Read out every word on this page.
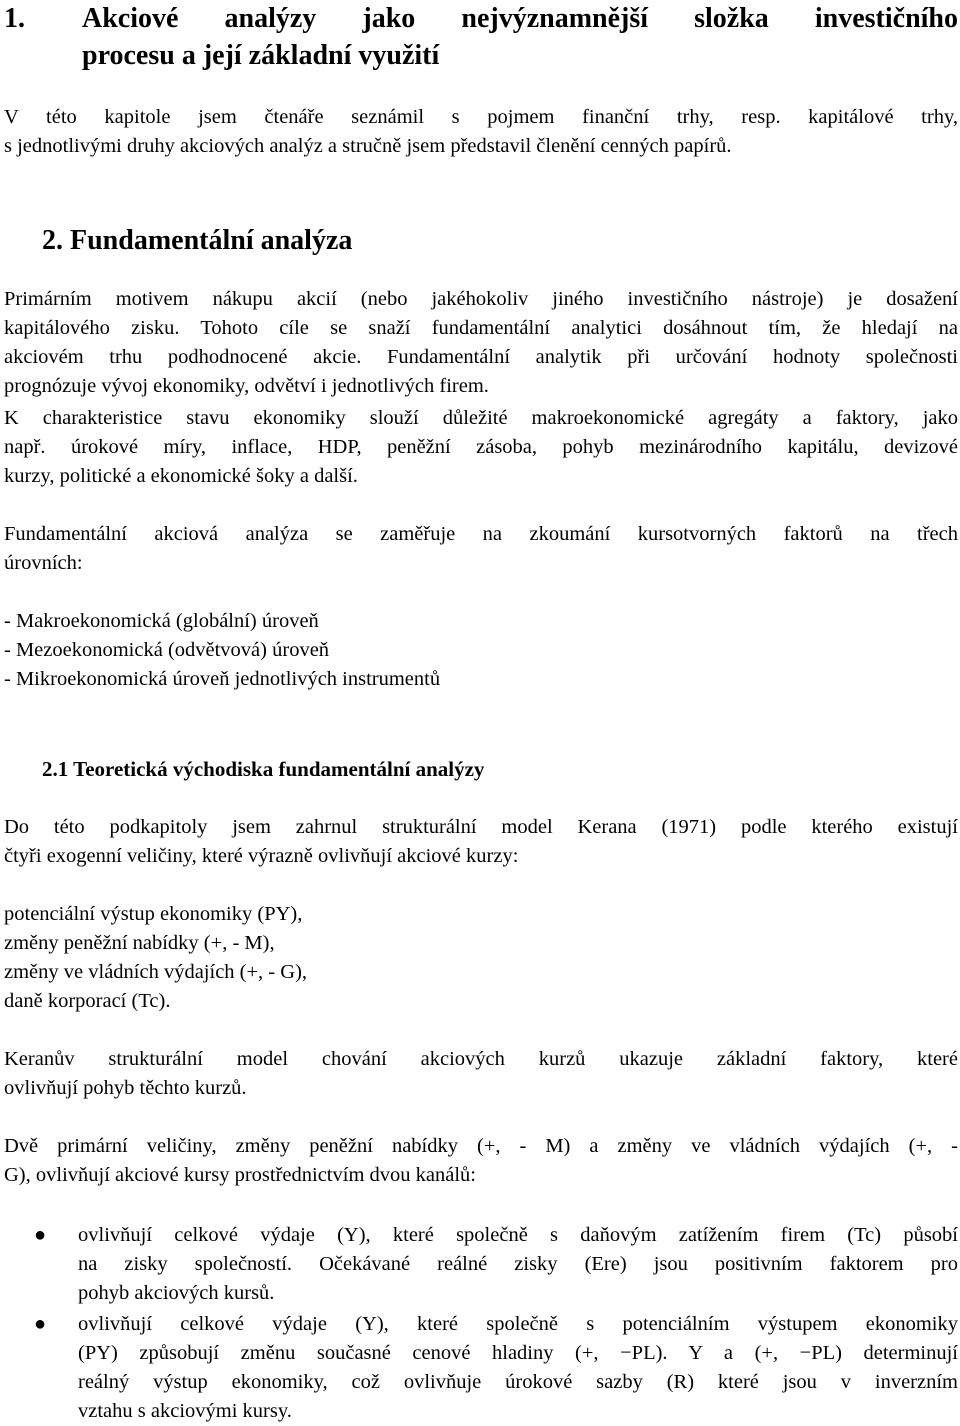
1.	Akciové analýzy jako nejvýznamnější složka investičního
procesu a její základní využití
V této kapitole jsem čtenáře seznámil s pojmem finanční trhy, resp. kapitálové trhy,
s jednotlivými druhy akciových analýz a stručně jsem představil členění cenných papírů.
2. Fundamentální analýza
Primárním motivem nákupu akcií (nebo jakéhokoliv jiného investičního nástroje) je dosažení
kapitálového zisku. Tohoto cíle se snaží fundamentální analytici dosáhnout tím, že hledají na
akciovém trhu podhodnocené akcie. Fundamentální analytik při určování hodnoty společnosti
prognózuje vývoj ekonomiky, odvětví i jednotlivých firem.
K charakteristice stavu ekonomiky slouží důležité makroekonomické agregáty a faktory, jako
např. úrokové míry, inflace, HDP, peněžní zásoba, pohyb mezinárodního kapitálu, devizové
kurzy, politické a ekonomické šoky a další.
Fundamentální akciová analýza se zaměřuje na zkoumání kursotvorných faktorů na třech
úrovních:
- Makroekonomická (globální) úroveň
- Mezoekonomická (odvětvová) úroveň
- Mikroekonomická úroveň jednotlivých instrumentů
2.1 Teoretická východiska fundamentální analýzy
Do této podkapitoly jsem zahrnul strukturální model Kerana (1971) podle kterého existují
čtyři exogenní veličiny, které výrazně ovlivňují akciové kurzy:
potenciální výstup ekonomiky (PY),
změny peněžní nabídky (+, - M),
změny ve vládních výdajích (+, - G),
daně korporací (Tc).
Keranův strukturální model chování akciových kurzů ukazuje základní faktory, které
ovlivňují pohyb těchto kurzů.
Dvě primární veličiny, změny peněžní nabídky (+, - M) a změny ve vládních výdajích (+, -
G), ovlivňují akciové kursy prostřednictvím dvou kanálů:
● ovlivňují celkové výdaje (Y), které společně s daňovým zatížením firem (Tc) působí
na zisky společností. Očekávané reálné zisky (Ere) jsou positivním faktorem pro
pohyb akciových kursů.
● ovlivňují celkové výdaje (Y), které společně s potenciálním výstupem ekonomiky
(PY) způsobují změnu současné cenové hladiny (+, −PL). Y a (+, −PL) determinují
reálný výstup ekonomiky, což ovlivňuje úrokové sazby (R) které jsou v inverzním
vztahu s akciovými kursy.
